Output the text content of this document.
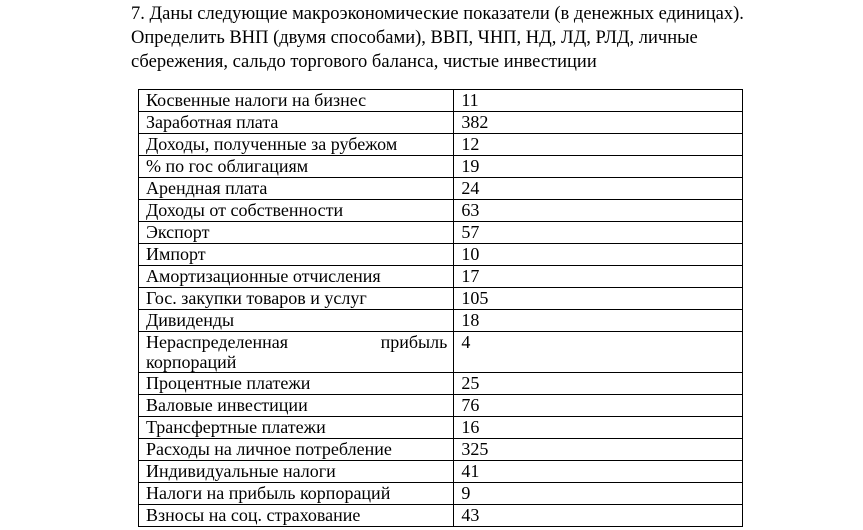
7. Даны следующие макроэкономические показатели (в денежных единицах).
Определить ВНП (двумя способами), ВВП, ЧНП, НД, ЛД, РЛД, личные
сбережения, сальдо торгового баланса, чистые инвестиции

Косвенные налоги на бизнес	11
Заработная плата	382
Доходы, полученные за рубежом	12
% по гос облигациям	19
Арендная плата	24
Доходы от собственности	63
Экспорт	57
Импорт	10
Амортизационные отчисления	17
Гос. закупки товаров и услуг	105
Дивиденды	18

Нераспределенная прибыль
корпораций	4
Процентные платежи	25
Валовые инвестиции	76
Трансфертные платежи	16
Расходы на личное потребление	325
Индивидуальные налоги	41
Налоги на прибыль корпораций	9
Взносы на соц. страхование	43
